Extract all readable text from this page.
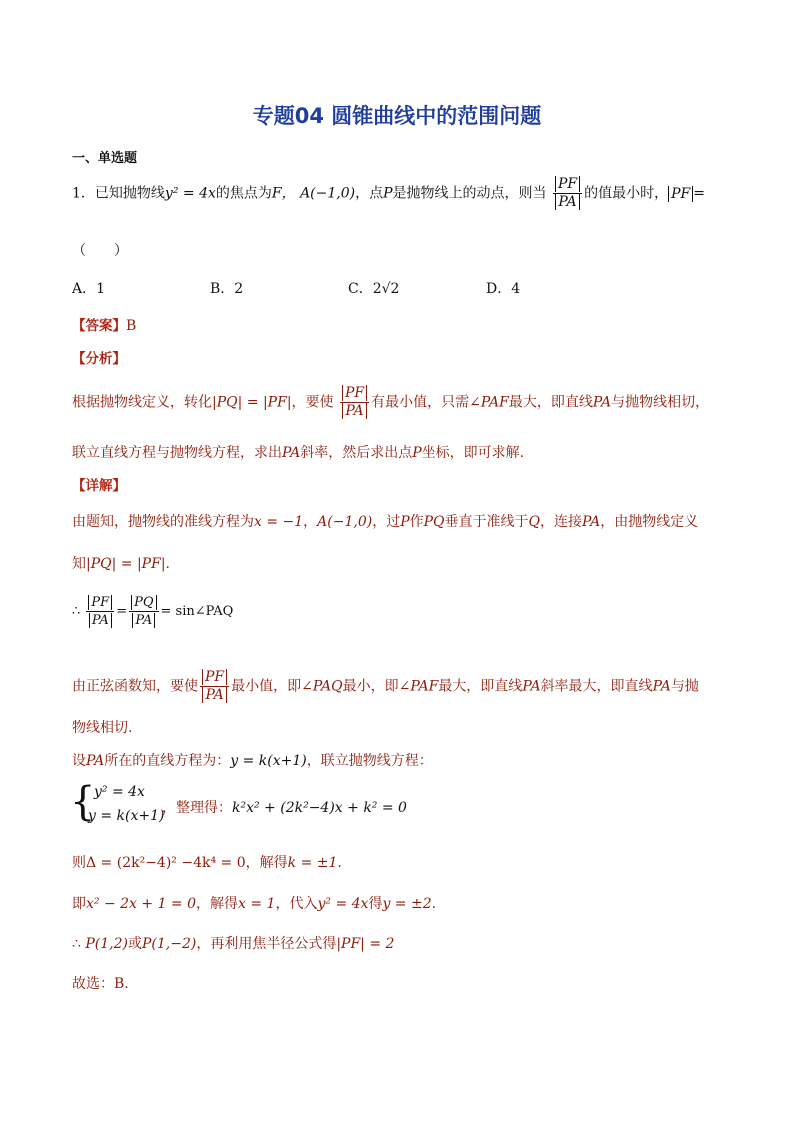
专题04 圆锥曲线中的范围问题
一、单选题
1．已知抛物线y² = 4x的焦点为F， A(−1,0)，点P是抛物线上的动点，则当 $\frac{PF}{PA}$ 的值最小时， PF =
（　　）
A．1	B．2	C．2√2	D．4
【答案】B
【分析】
根据抛物线定义，转化|PQ| = |PF|，要使 $\frac{PF}{PA}$ 有最小值，只需∠PAF最大，即直线PA与抛物线相切，
联立直线方程与抛物线方程，求出PA斜率，然后求出点P坐标，即可求解.
【详解】
由题知，抛物线的准线方程为x = −1，A(−1,0)，过P作PQ垂直于准线于Q，连接PA，由抛物线定义
知|PQ| = |PF|.
∴ $\frac{PF}{PA} = \frac{PQ}{PA}$ = sin∠PAQ
由正弦函数知，要使 $\frac{PF}{PA}$ 最小值，即∠PAQ最小，即∠PAF最大，即直线PA斜率最大，即直线PA与抛
物线相切.
设PA所在的直线方程为：y = k(x+1)，联立抛物线方程：
{
y² = 4x
y = k(x+1)
，整理得：k²x² + (2k²−4)x + k² = 0
则Δ = (2k²−4)² −4k⁴ = 0，解得k = ±1.
即x² − 2x + 1 = 0，解得x = 1，代入y² = 4x得y = ±2.
∴ P(1,2)或P(1,−2)，再利用焦半径公式得|PF| = 2
故选：B.
